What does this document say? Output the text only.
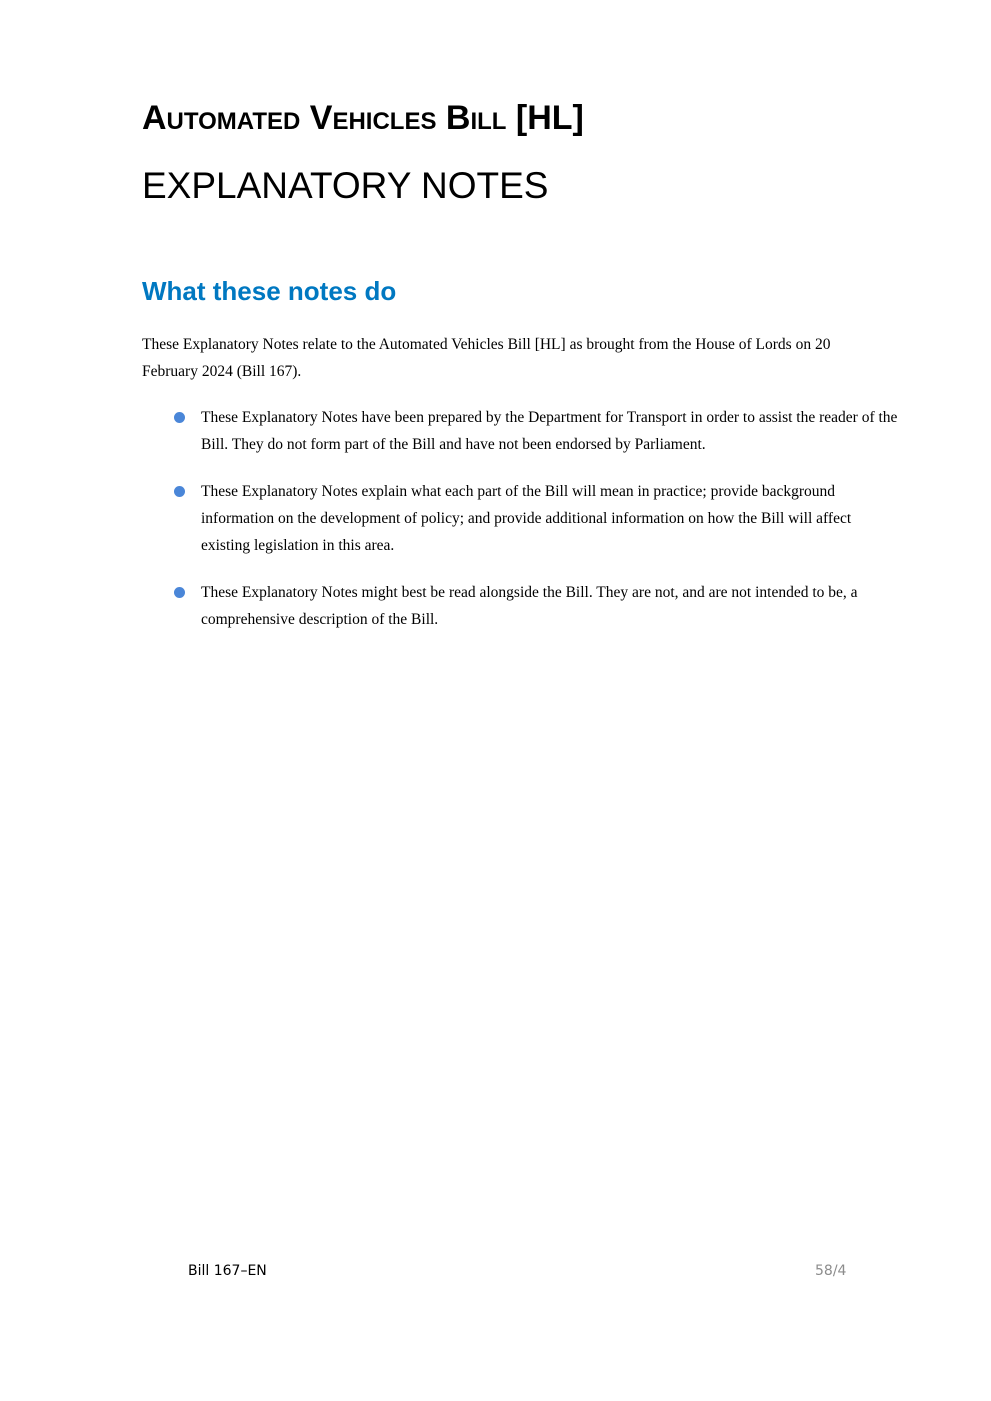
Automated Vehicles Bill [HL]
EXPLANATORY NOTES
What these notes do

These Explanatory Notes relate to the Automated Vehicles Bill [HL] as brought from the House of Lords on 20 February 2024 (Bill 167).

These Explanatory Notes have been prepared by the Department for Transport in order to assist the reader of the Bill. They do not form part of the Bill and have not been endorsed by Parliament.
These Explanatory Notes explain what each part of the Bill will mean in practice; provide background information on the development of policy; and provide additional information on how the Bill will affect existing legislation in this area.
These Explanatory Notes might best be read alongside the Bill. They are not, and are not intended to be, a comprehensive description of the Bill.
Bill 167–EN	58/4
